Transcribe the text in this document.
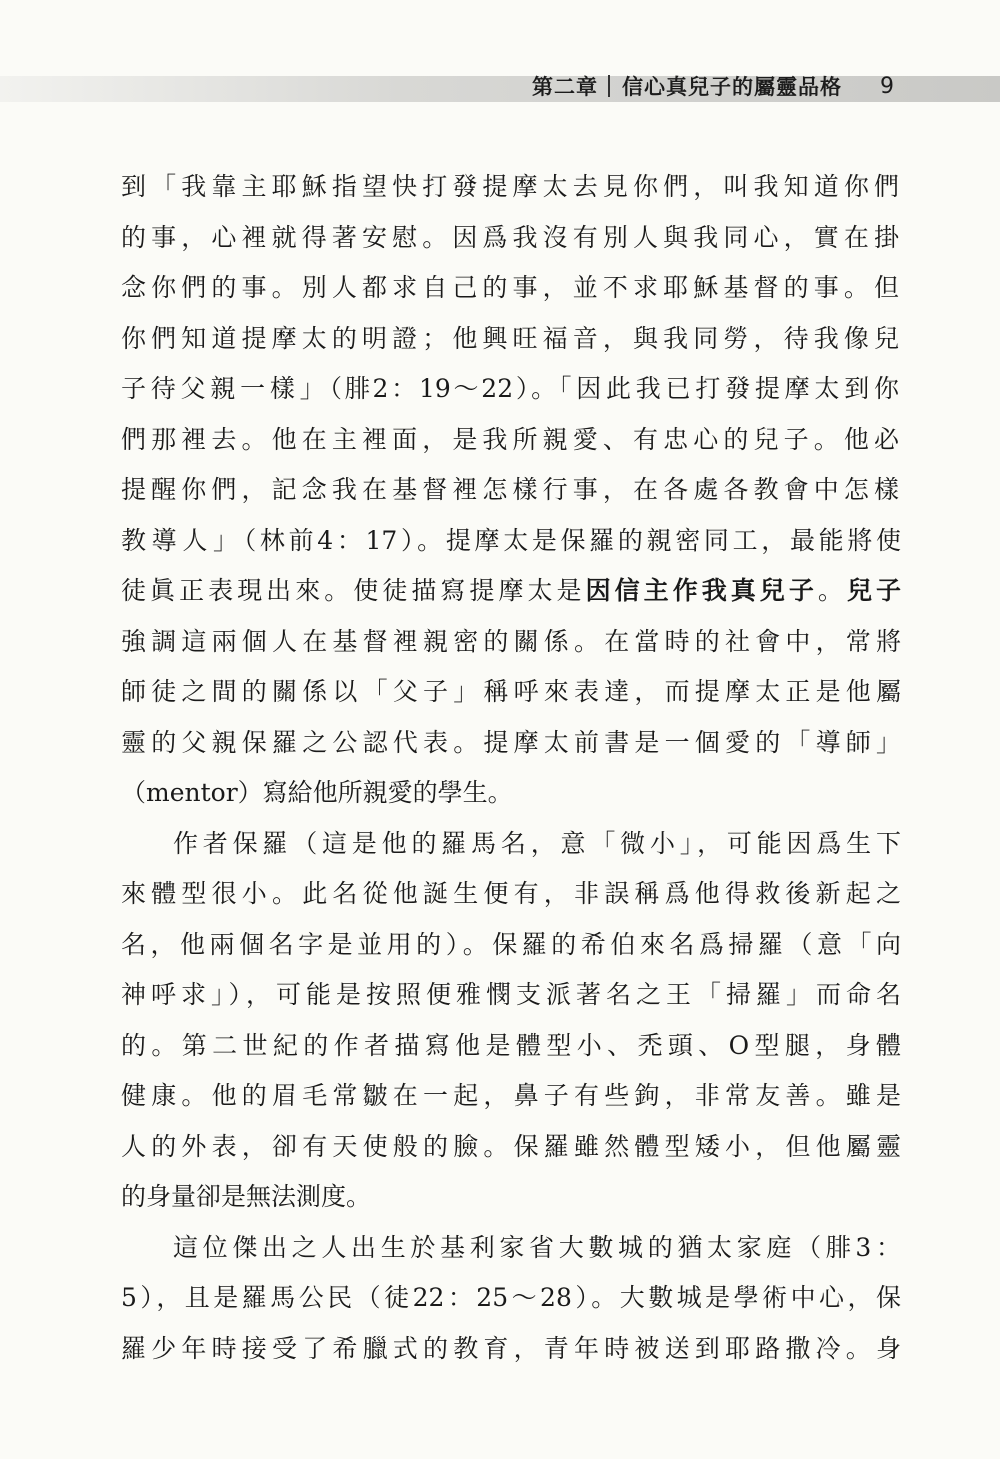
第二章 信心真兒子的屬靈品格 9
到「我靠主耶穌指望快打發提摩太去見你們，叫我知道你們
的事，心裡就得著安慰。因爲我沒有別人與我同心，實在掛
念你們的事。別人都求自己的事，並不求耶穌基督的事。但
你們知道提摩太的明證；他興旺福音，與我同勞，待我像兒
子待父親一樣」（腓2：19～22）。「因此我已打發提摩太到你
們那裡去。他在主裡面，是我所親愛、有忠心的兒子。他必
提醒你們，記念我在基督裡怎樣行事，在各處各教會中怎樣
教導人」（林前4：17）。提摩太是保羅的親密同工，最能將使
徒眞正表現出來。使徒描寫提摩太是因信主作我真兒子。兒子
強調這兩個人在基督裡親密的關係。在當時的社會中，常將
師徒之間的關係以「父子」稱呼來表達，而提摩太正是他屬
靈的父親保羅之公認代表。提摩太前書是一個愛的「導師」
（mentor）寫給他所親愛的學生。
作者保羅（這是他的羅馬名，意「微小」，可能因爲生下
來體型很小。此名從他誕生便有，非誤稱爲他得救後新起之
名，他兩個名字是並用的）。保羅的希伯來名爲掃羅（意「向
神呼求」），可能是按照便雅憫支派著名之王「掃羅」而命名
的。第二世紀的作者描寫他是體型小、禿頭、O型腿，身體
健康。他的眉毛常皺在一起，鼻子有些鉤，非常友善。雖是
人的外表，卻有天使般的臉。保羅雖然體型矮小，但他屬靈
的身量卻是無法測度。
這位傑出之人出生於基利家省大數城的猶太家庭（腓3：
5），且是羅馬公民（徒22：25～28）。大數城是學術中心，保
羅少年時接受了希臘式的教育，青年時被送到耶路撒冷。身
